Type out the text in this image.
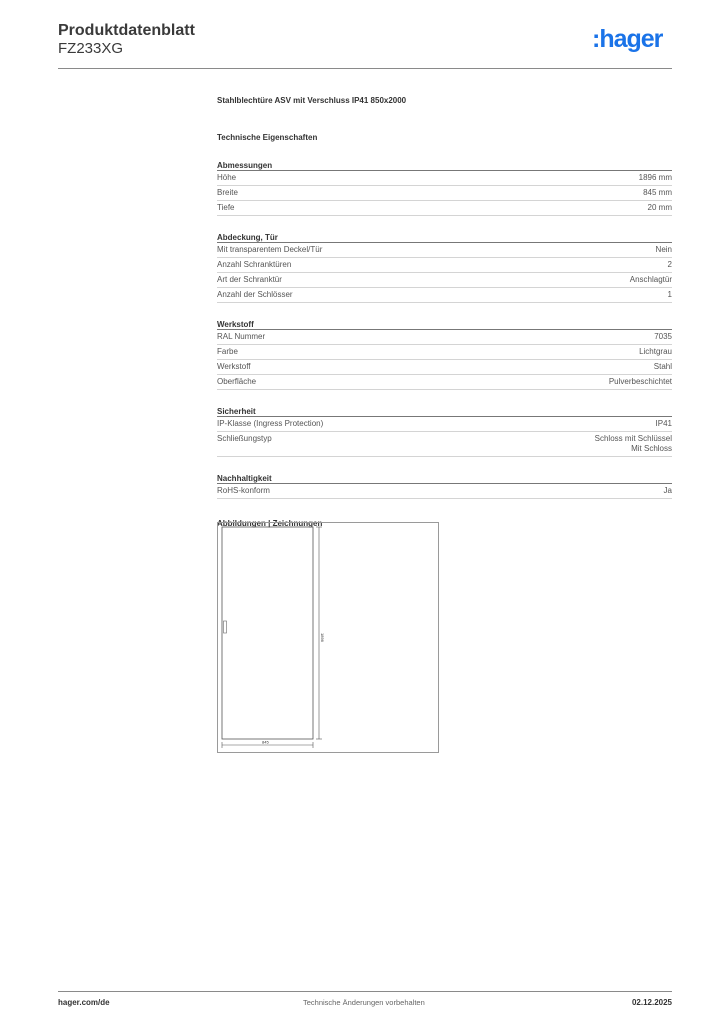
Produktdatenblatt
FZ233XG	:hager
Stahlblechtüre ASV mit Verschluss IP41 850x2000
Technische Eigenschaften
Abmessungen
Höhe	1896 mm
Breite	845 mm
Tiefe	20 mm
Abdeckung, Tür
Mit transparentem Deckel/Tür	Nein
Anzahl Schranktüren	2
Art der Schranktür	Anschlagtür
Anzahl der Schlösser	1
Werkstoff
RAL Nummer	7035
Farbe	Lichtgrau
Werkstoff	Stahl
Oberfläche	Pulverbeschichtet
Sicherheit
IP-Klasse (Ingress Protection)	IP41
Schließungstyp	Schloss mit Schlüssel
Mit Schloss
Nachhaltigkeit
RoHS-konform	Ja
Abbildungen | Zeichnungen
1896
845
hager.com/de	Technische Änderungen vorbehalten	02.12.2025
